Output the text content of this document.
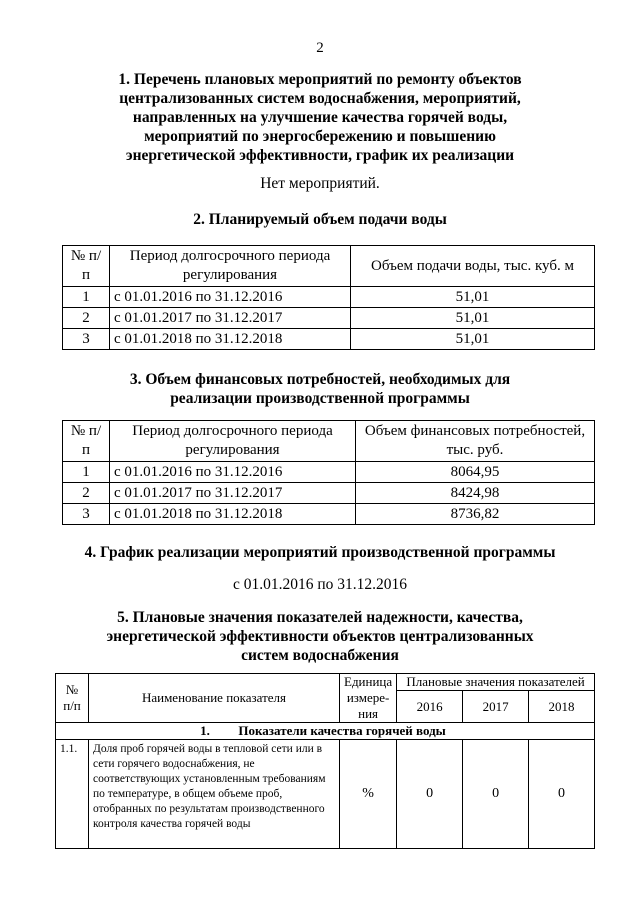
2
1. Перечень плановых мероприятий по ремонту объектов
централизованных систем водоснабжения, мероприятий,
направленных на улучшение качества горячей воды,
мероприятий по энергосбережению и повышению
энергетической эффективности, график их реализации
Нет мероприятий.
2. Планируемый объем подачи воды
№ п/п	Период долгосрочного периода регулирования	Объем подачи воды, тыс. куб. м
1	с 01.01.2016 по 31.12.2016	51,01
2	с 01.01.2017 по 31.12.2017	51,01
3	с 01.01.2018 по 31.12.2018	51,01
3. Объем финансовых потребностей, необходимых для
реализации производственной программы
№ п/п	Период долгосрочного периода регулирования	Объем финансовых потребностей, тыс. руб.
1	с 01.01.2016 по 31.12.2016	8064,95
2	с 01.01.2017 по 31.12.2017	8424,98
3	с 01.01.2018 по 31.12.2018	8736,82
4. График реализации мероприятий производственной программы
с 01.01.2016 по 31.12.2016
5. Плановые значения показателей надежности, качества,
энергетической эффективности объектов централизованных
систем водоснабжения
№ п/п	Наименование показателя	Единица измере-ния	Плановые значения показателей		
			2016	2017	2018
1. Показатели качества горячей воды					
1.1.	Доля проб горячей воды в тепловой сети или в сети горячего водоснабжения, не соответствующих установленным требованиям по температуре, в общем объеме проб, отобранных по результатам производственного контроля качества горячей воды	%	0	0	0
